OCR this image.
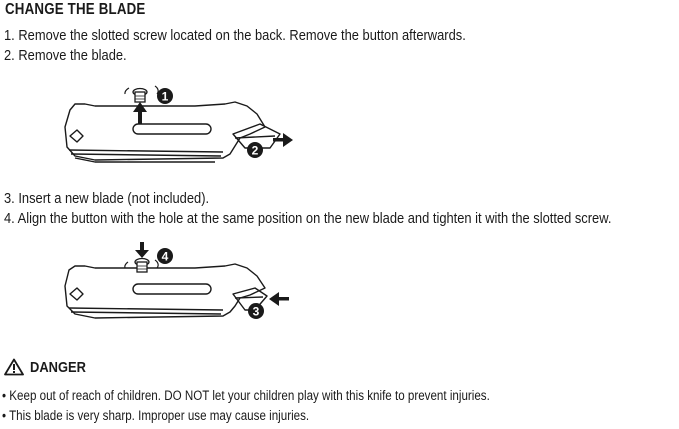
CHANGE THE BLADE
1. Remove the slotted screw located on the back. Remove the button afterwards.
2. Remove the blade.
1
2
3. Insert a new blade (not included).
4. Align the button with the hole at the same position on the new blade and tighten it with the slotted screw.
4
3
DANGER
• Keep out of reach of children. DO NOT let your children play with this knife to prevent injuries.
• This blade is very sharp. Improper use may cause injuries.
